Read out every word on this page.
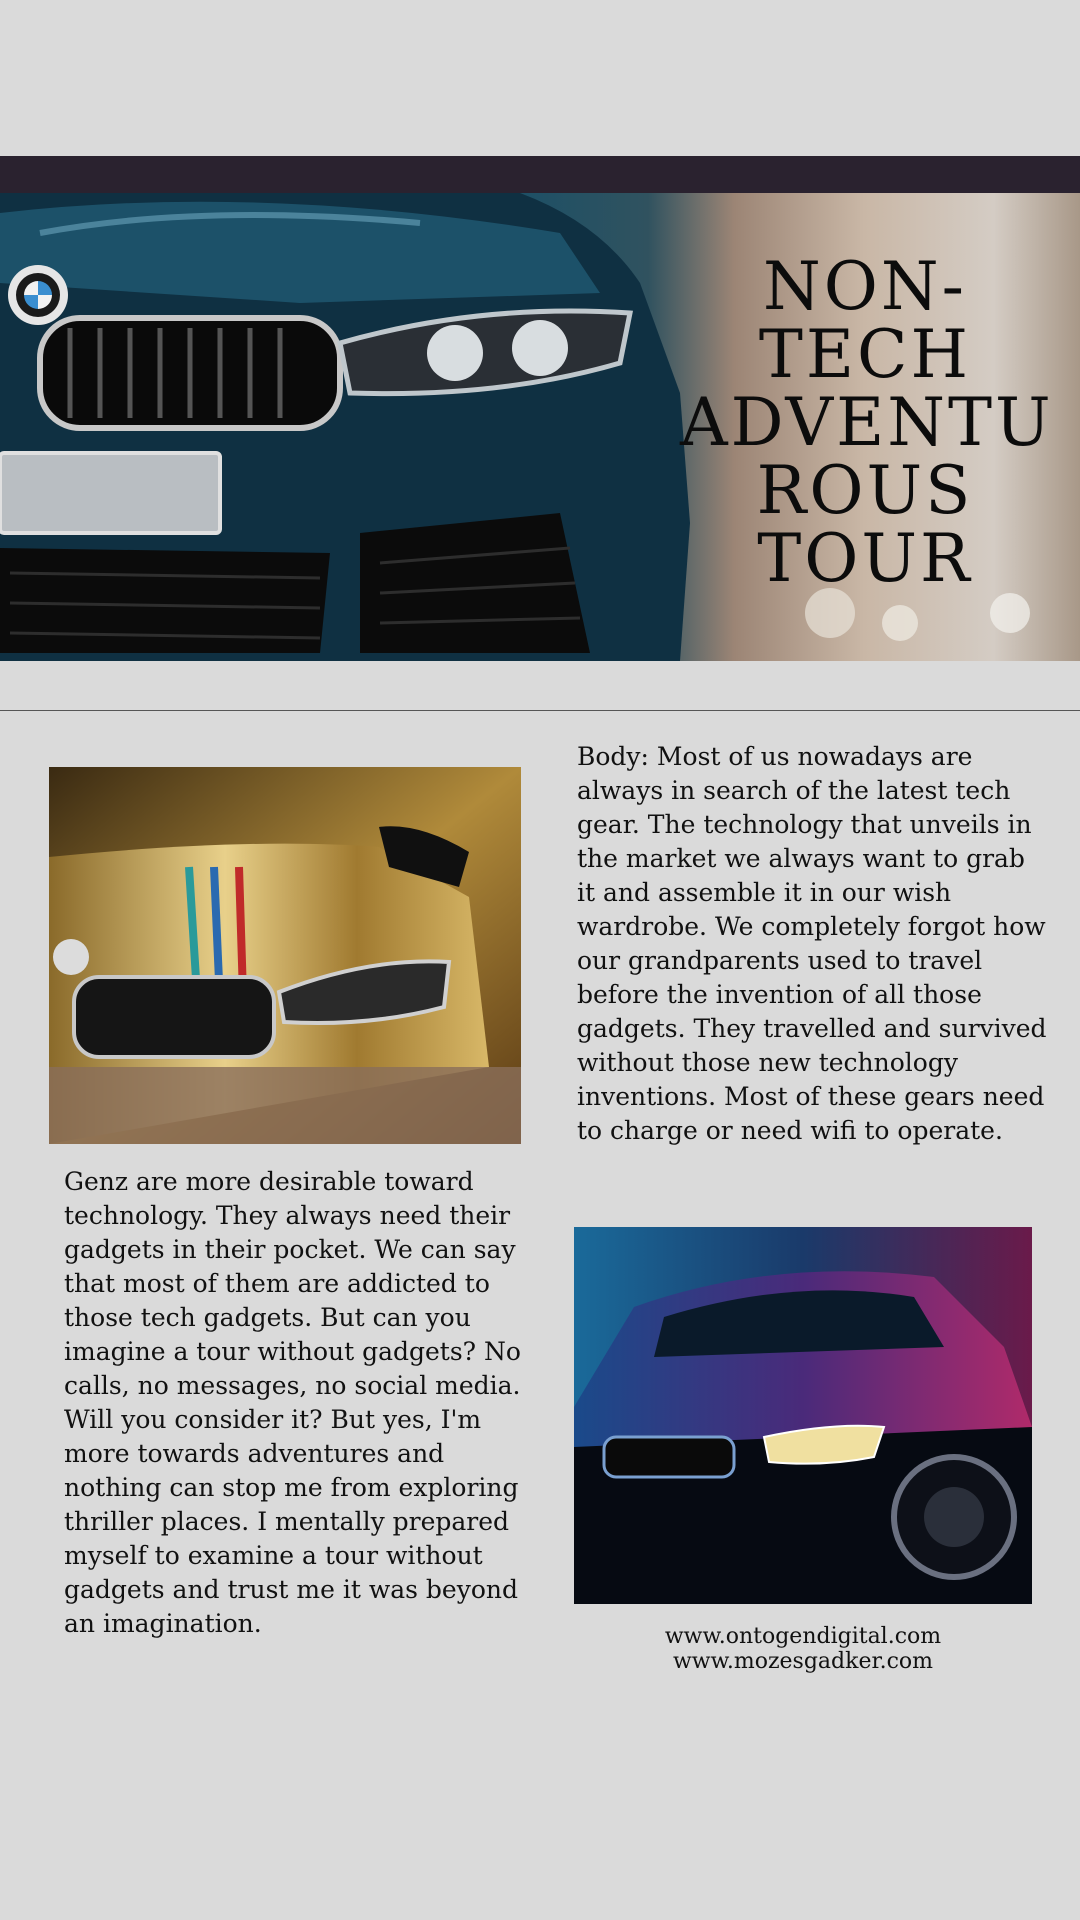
NON-
TECH
ADVENTU
ROUS
TOUR

Body: Most of us nowadays are always in search of the latest tech gear. The technology that unveils in the market we always want to grab it and assemble it in our wish wardrobe. We completely forgot how our grandparents used to travel before the invention of all those gadgets. They travelled and survived without those new technology inventions. Most of these gears need to charge or need wifi to operate.

Genz are more desirable toward technology. They always need their gadgets in their pocket. We can say that most of them are addicted to those tech gadgets. But can you imagine a tour without gadgets? No calls, no messages, no social media. Will you consider it? But yes, I'm more towards adventures and nothing can stop me from exploring thriller places. I mentally prepared myself to examine a tour without gadgets and trust me it was beyond an imagination.	www.ontogendigital.com
www.mozesgadker.com
